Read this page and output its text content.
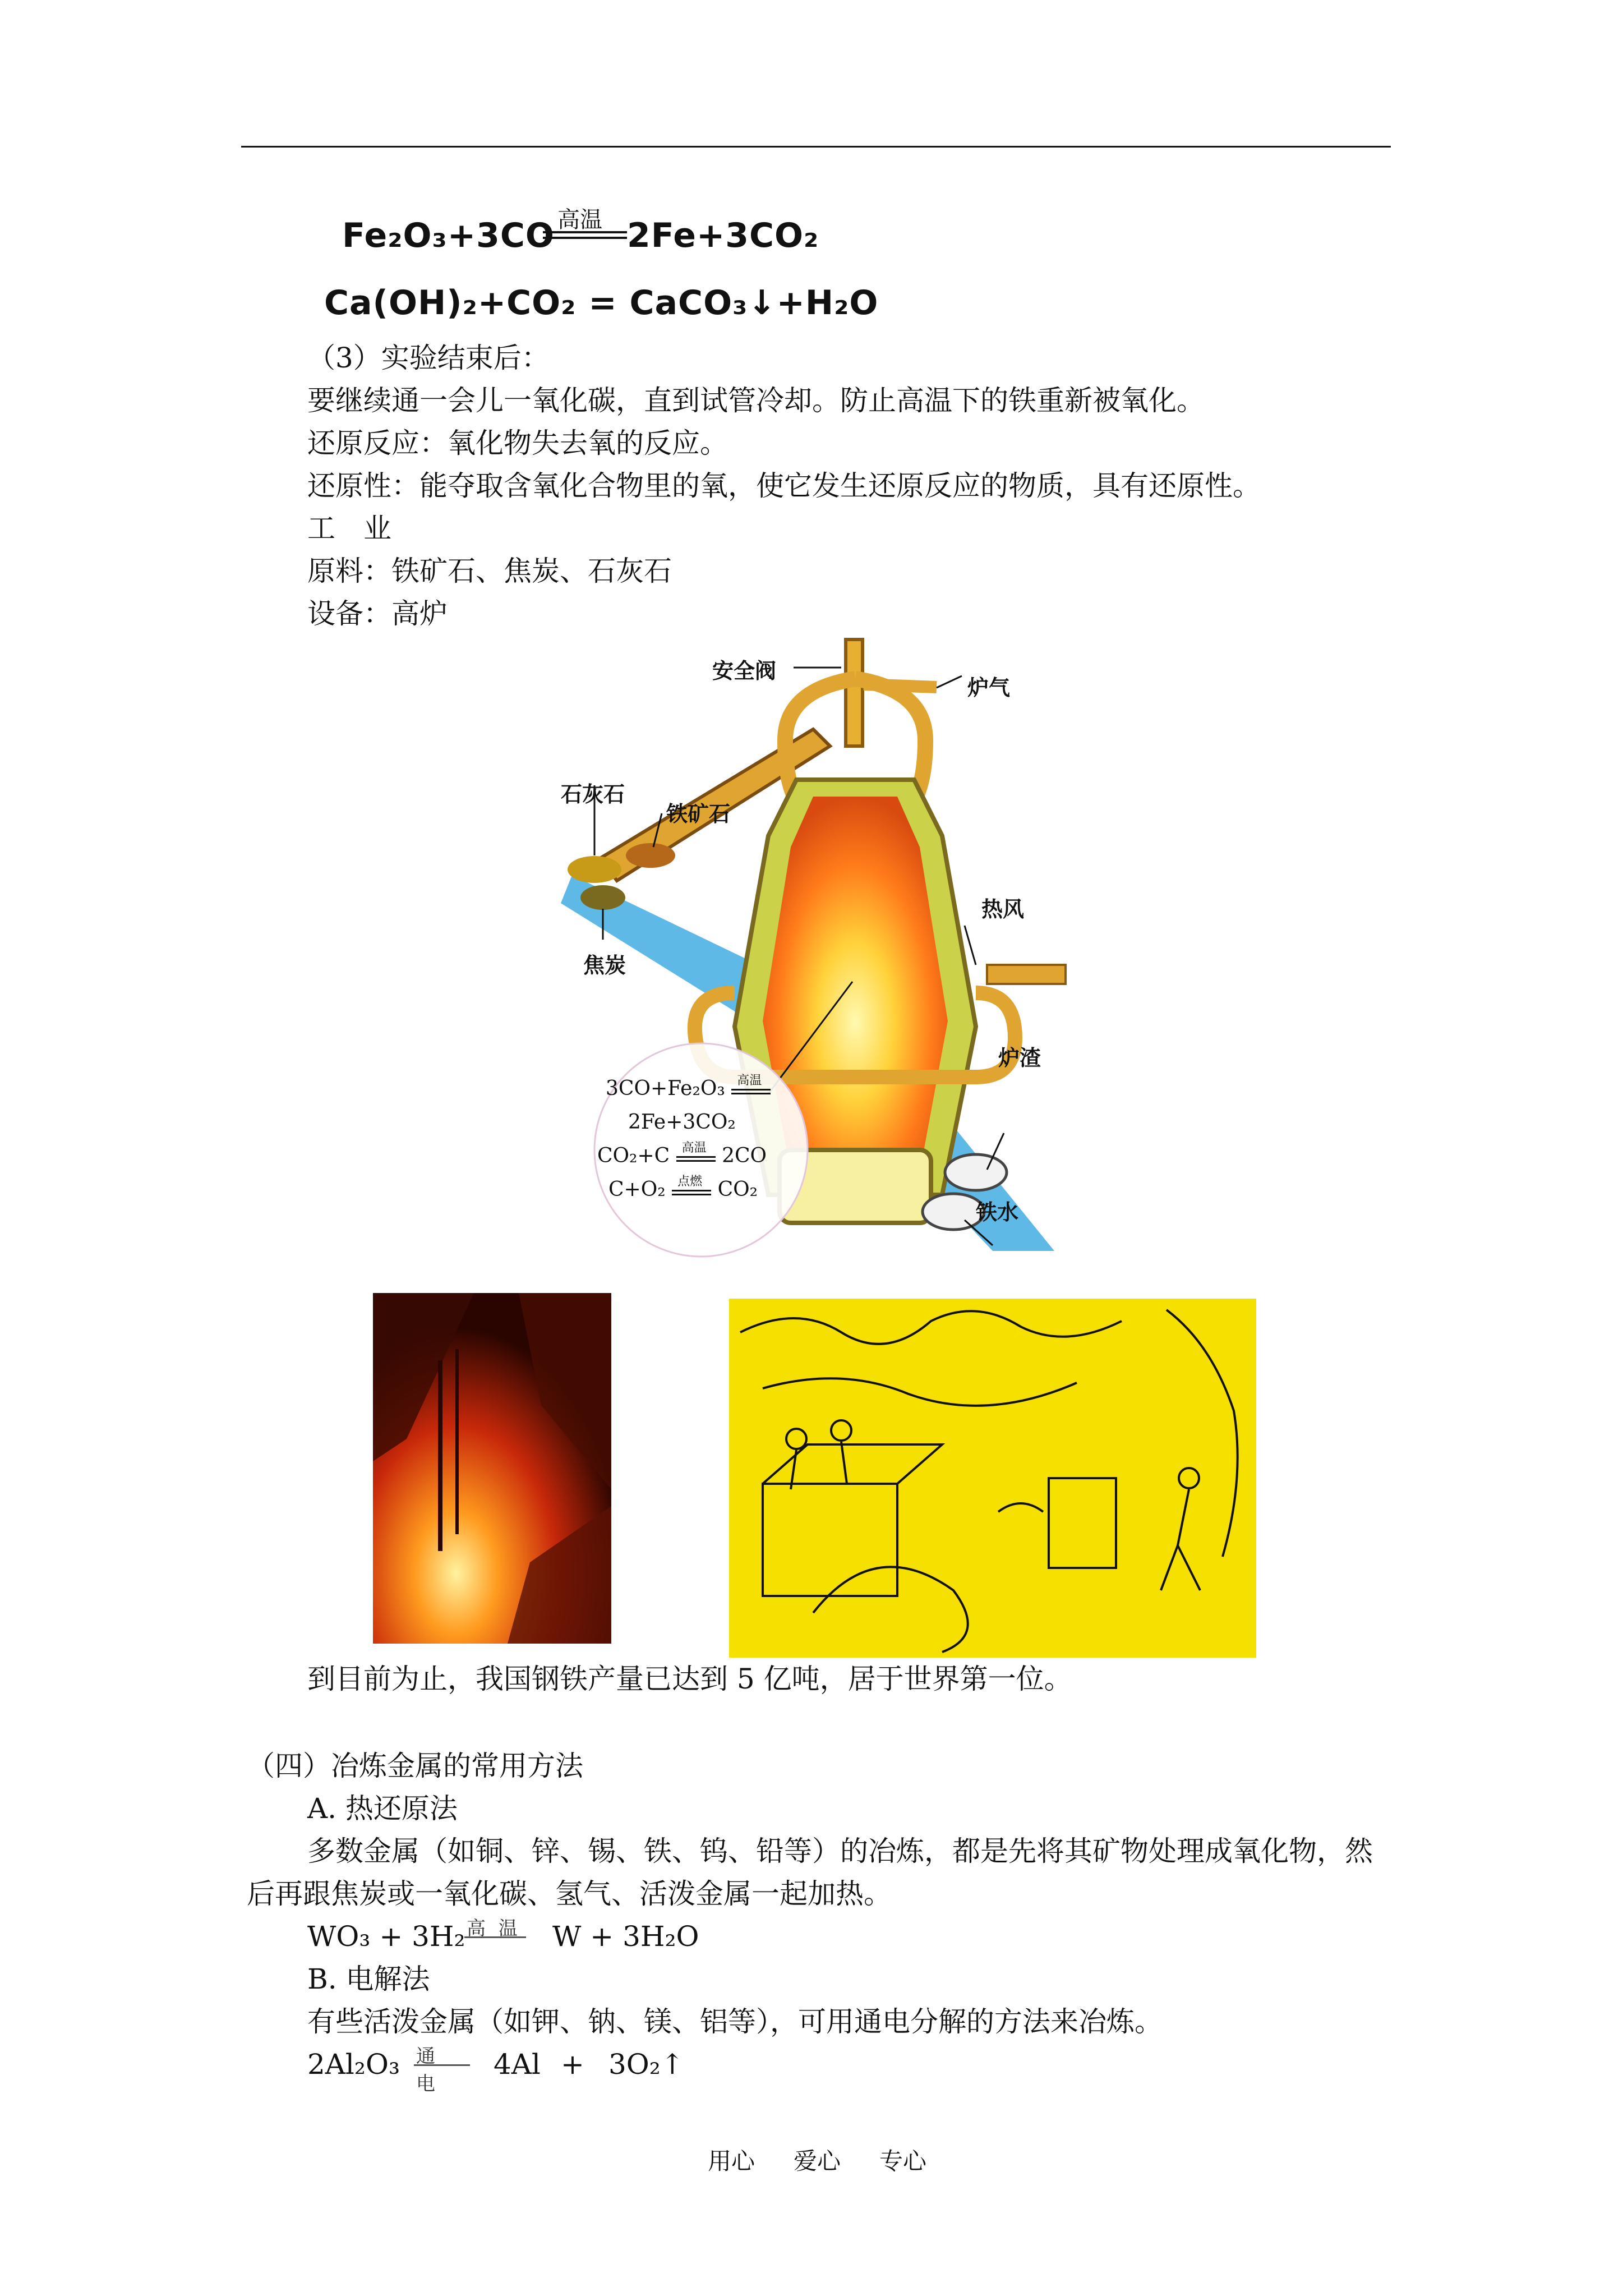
Fe₂O₃+3CO 高温 2Fe+3CO₂
Ca(OH)₂+CO₂ = CaCO₃↓+H₂O
（3）实验结束后：
要继续通一会儿一氧化碳，直到试管冷却。防止高温下的铁重新被氧化。
还原反应：氧化物失去氧的反应。
还原性：能夺取含氧化合物里的氧，使它发生还原反应的物质，具有还原性。
工　业
原料：铁矿石、焦炭、石灰石
设备：高炉
安全阀
炉气
石灰石
铁矿石
热风
焦炭
炉渣
铁水
3CO+Fe₂O₃ 高温
2Fe+3CO₂
CO₂+C 高温 2CO
C+O₂ 点燃 CO₂
到目前为止，我国钢铁产量已达到 5 亿吨，居于世界第一位。
（四）冶炼金属的常用方法
A. 热还原法
多数金属（如铜、锌、锡、铁、钨、铅等）的冶炼，都是先将其矿物处理成氧化物，然
后再跟焦炭或一氧化碳、氢气、活泼金属一起加热。
WO₃ + 3H₂ 高 温 W + 3H₂O
B. 电解法
有些活泼金属（如钾、钠、镁、铝等），可用通电分解的方法来冶炼。
2Al₂O₃ 通 电
4Al + 3O₂↑
用心 爱心 专心
